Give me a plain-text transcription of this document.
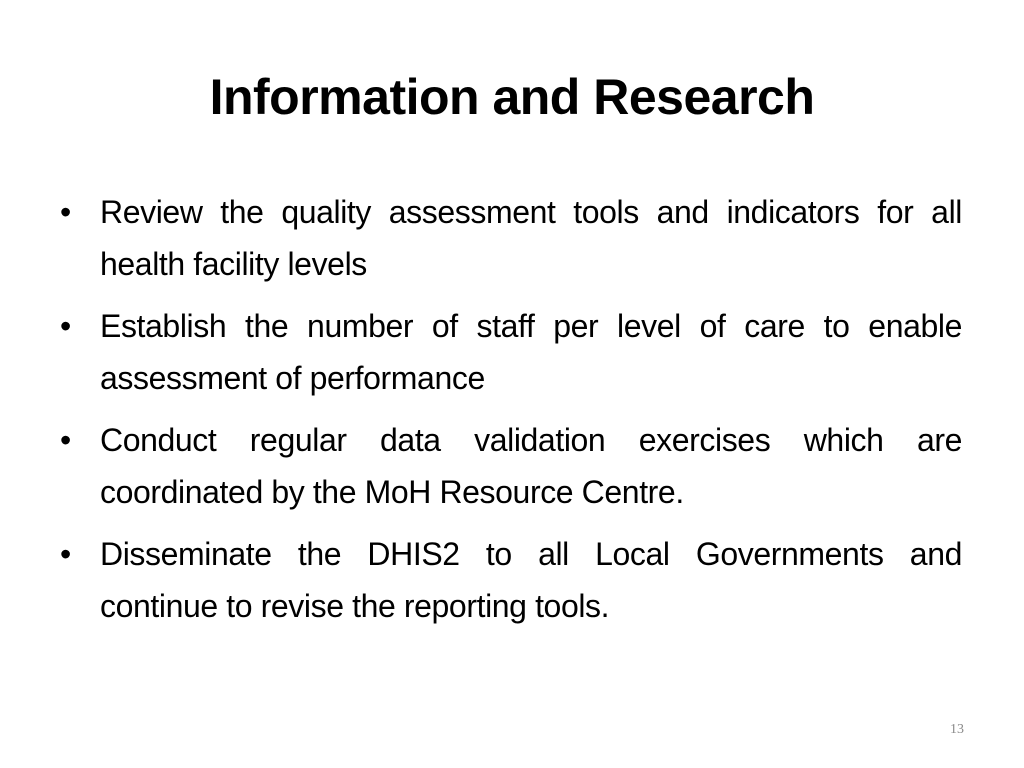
Information and Research
• Review the quality assessment tools and indicators for all health facility levels
• Establish the number of staff per level of care to enable assessment of performance
• Conduct regular data validation exercises which are coordinated by the MoH Resource Centre.
• Disseminate the DHIS2 to all Local Governments and continue to revise the reporting tools.
13
